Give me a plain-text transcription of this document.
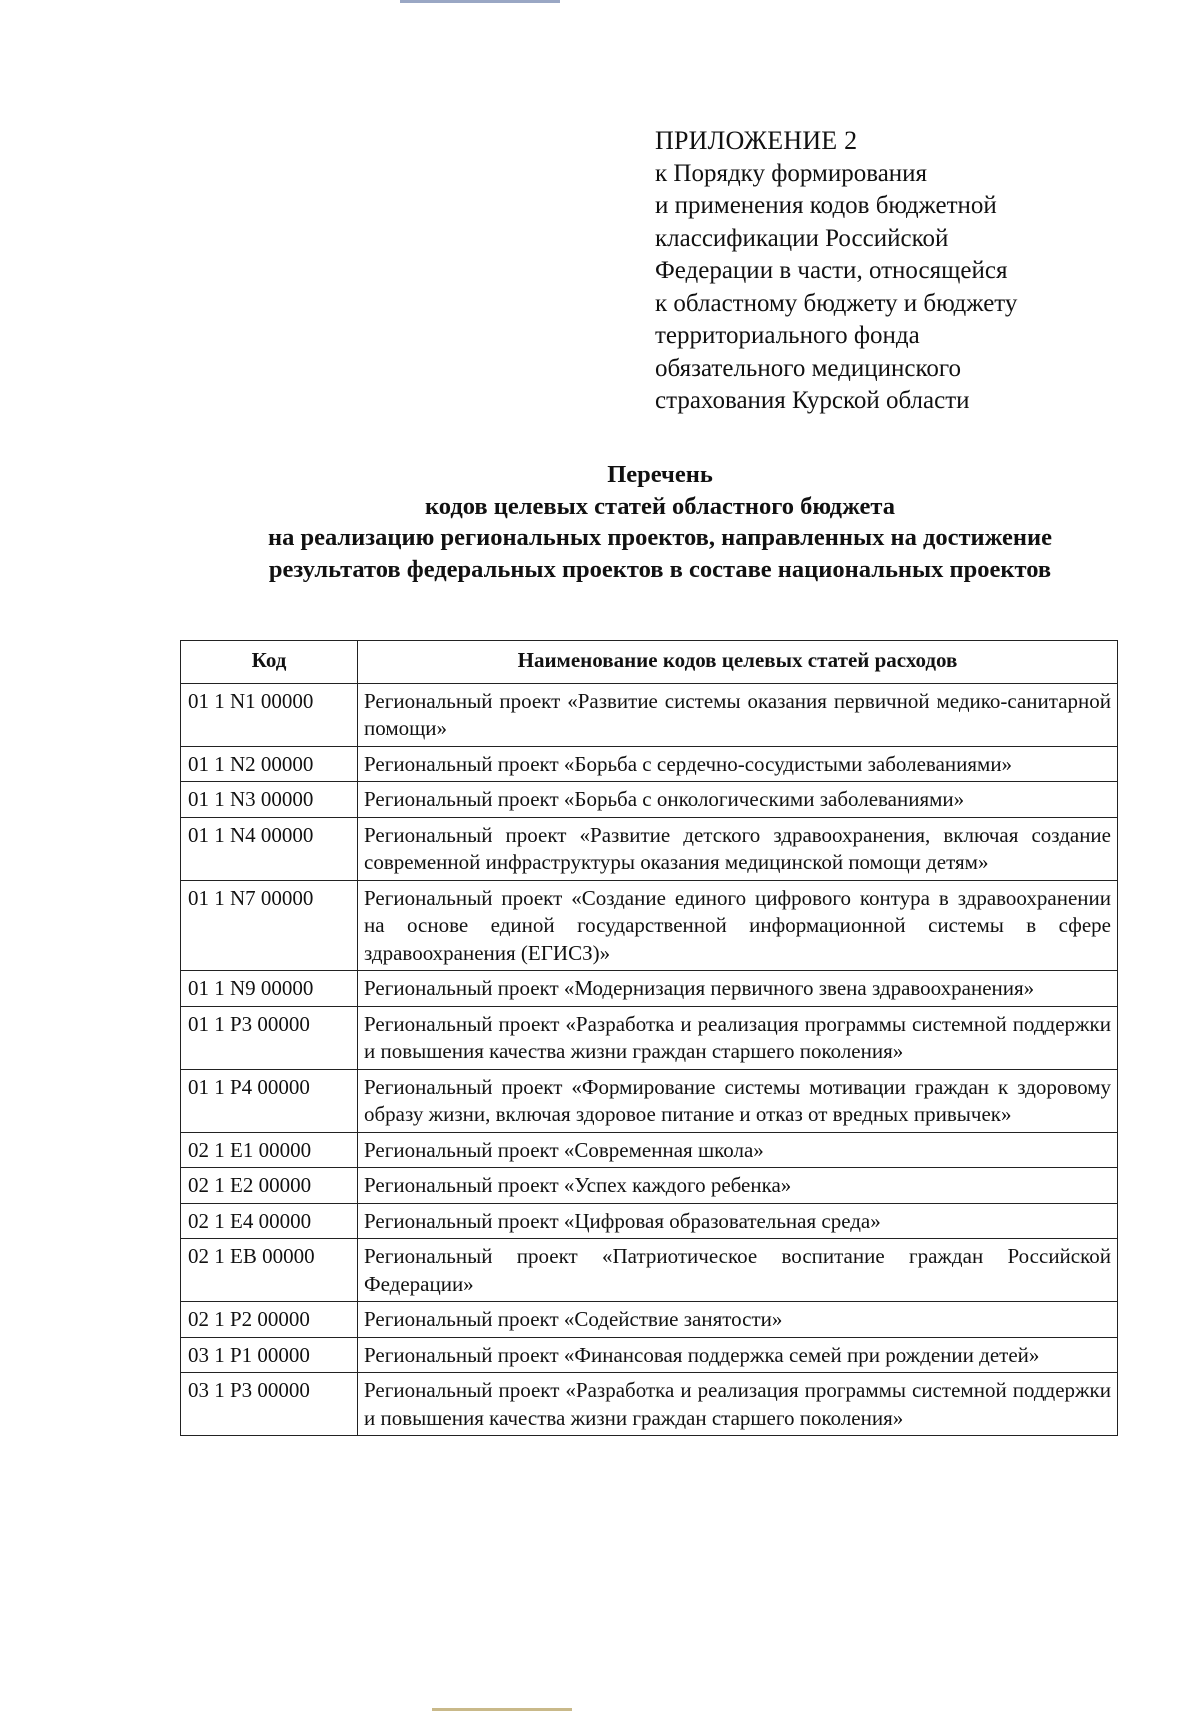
ПРИЛОЖЕНИЕ 2
к Порядку формирования
и применения кодов бюджетной
классификации Российской
Федерации в части, относящейся
к областному бюджету и бюджету
территориального фонда
обязательного медицинского
страхования Курской области
Перечень
кодов целевых статей областного бюджета
на реализацию региональных проектов, направленных на достижение
результатов федеральных проектов в составе национальных проектов
Код	Наименование кодов целевых статей расходов
01 1 N1 00000	Региональный проект «Развитие системы оказания первичной медико-санитарной помощи»
01 1 N2 00000	Региональный проект «Борьба с сердечно-сосудистыми заболеваниями»
01 1 N3 00000	Региональный проект «Борьба с онкологическими заболеваниями»
01 1 N4 00000	Региональный проект «Развитие детского здравоохранения, включая создание современной инфраструктуры оказания медицинской помощи детям»
01 1 N7 00000	Региональный проект «Создание единого цифрового контура в здравоохранении на основе единой государственной информационной системы в сфере здравоохранения (ЕГИСЗ)»
01 1 N9 00000	Региональный проект «Модернизация первичного звена здравоохранения»
01 1 P3 00000	Региональный проект «Разработка и реализация программы системной поддержки и повышения качества жизни граждан старшего поколения»
01 1 P4 00000	Региональный проект «Формирование системы мотивации граждан к здоровому образу жизни, включая здоровое питание и отказ от вредных привычек»
02 1 E1 00000	Региональный проект «Современная школа»
02 1 E2 00000	Региональный проект «Успех каждого ребенка»
02 1 E4 00000	Региональный проект «Цифровая образовательная среда»
02 1 EB 00000	Региональный проект «Патриотическое воспитание граждан Российской Федерации»
02 1 P2 00000	Региональный проект «Содействие занятости»
03 1 P1 00000	Региональный проект «Финансовая поддержка семей при рождении детей»
03 1 P3 00000	Региональный проект «Разработка и реализация программы системной поддержки и повышения качества жизни граждан старшего поколения»
